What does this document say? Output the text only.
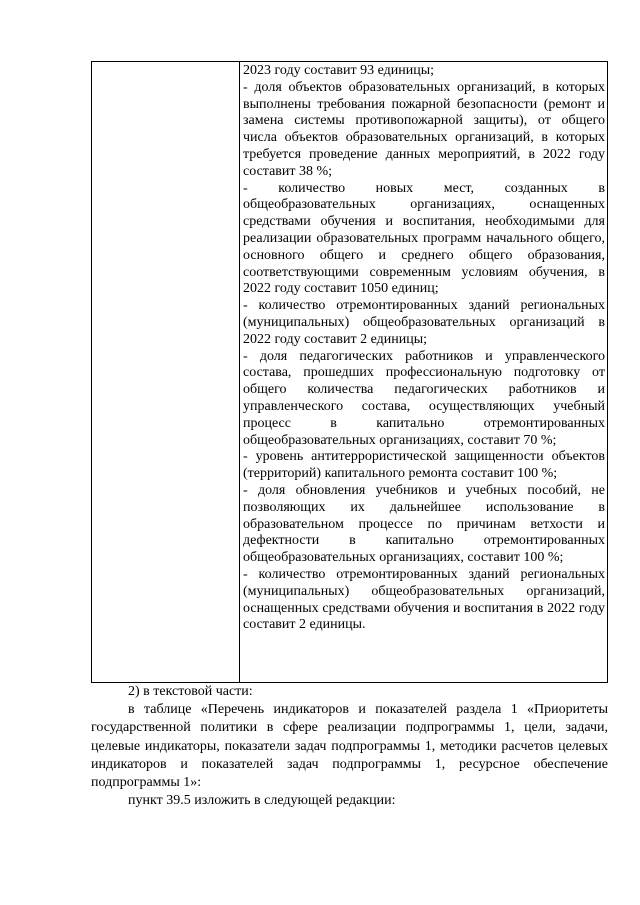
2023 году составит 93 единицы;

- доля объектов образовательных организаций, в которых выполнены требования пожарной безопасности (ремонт и замена системы противопожарной защиты), от общего числа объектов образовательных организаций, в которых требуется проведение данных мероприятий, в 2022 году составит 38 %;

- количество новых мест, созданных в общеобразовательных организациях, оснащенных средствами обучения и воспитания, необходимыми для реализации образовательных программ начального общего, основного общего и среднего общего образования, соответствующими современным условиям обучения, в 2022 году составит 1050 единиц;

- количество отремонтированных зданий региональных (муниципальных) общеобразовательных организаций в 2022 году составит 2 единицы;

- доля педагогических работников и управленческого состава, прошедших профессиональную подготовку от общего количества педагогических работников и управленческого состава, осуществляющих учебный процесс в капитально отремонтированных общеобразовательных организациях, составит 70 %;

- уровень антитеррористической защищенности объектов (территорий) капитального ремонта составит 100 %;

- доля обновления учебников и учебных пособий, не позволяющих их дальнейшее использование в образовательном процессе по причинам ветхости и дефектности в капитально отремонтированных общеобразовательных организациях, составит 100 %;

- количество отремонтированных зданий региональных (муниципальных) общеобразовательных организаций, оснащенных средствами обучения и воспитания в 2022 году составит 2 единицы.

2) в текстовой части:

в таблице «Перечень индикаторов и показателей раздела 1 «Приоритеты государственной политики в сфере реализации подпрограммы 1, цели, задачи, целевые индикаторы, показатели задач подпрограммы 1, методики расчетов целевых индикаторов и показателей задач подпрограммы 1, ресурсное обеспечение подпрограммы 1»:

пункт 39.5 изложить в следующей редакции:
